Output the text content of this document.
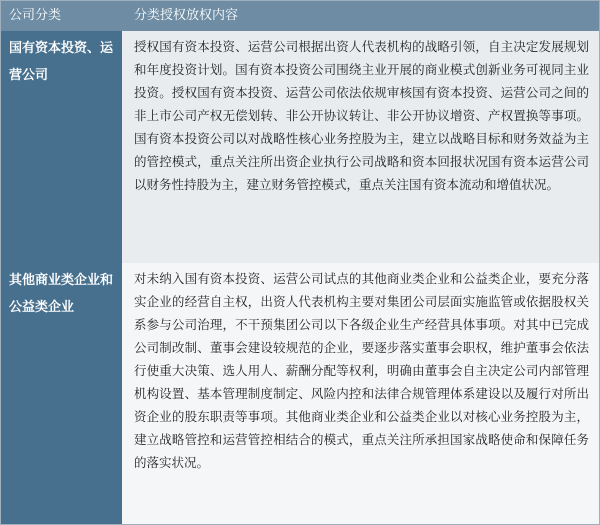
公司分类	分类授权放权内容
国有资本投资、运营公司
授权国有资本投资、运营公司根据出资人代表机构的战略引领，自主决定发展规划和年度投资计划。国有资本投资公司围绕主业开展的商业模式创新业务可视同主业投资。授权国有资本投资、运营公司依法依规审核国有资本投资、运营公司之间的非上市公司产权无偿划转、非公开协议转让、非公开协议增资、产权置换等事项。国有资本投资公司以对战略性核心业务控股为主，建立以战略目标和财务效益为主的管控模式，重点关注所出资企业执行公司战略和资本回报状况国有资本运营公司以财务性持股为主，建立财务管控模式，重点关注国有资本流动和增值状况。
其他商业类企业和公益类企业
对未纳入国有资本投资、运营公司试点的其他商业类企业和公益类企业，要充分落实企业的经营自主权，出资人代表机构主要对集团公司层面实施监管或依据股权关系参与公司治理，不干预集团公司以下各级企业生产经营具体事项。对其中已完成公司制改制、董事会建设较规范的企业，要逐步落实董事会职权，维护董事会依法行使重大决策、选人用人、薪酬分配等权利，明确由董事会自主决定公司内部管理机构设置、基本管理制度制定、风险内控和法律合规管理体系建设以及履行对所出资企业的股东职责等事项。其他商业类企业和公益类企业以对核心业务控股为主，建立战略管控和运营管控相结合的模式，重点关注所承担国家战略使命和保障任务的落实状况。
